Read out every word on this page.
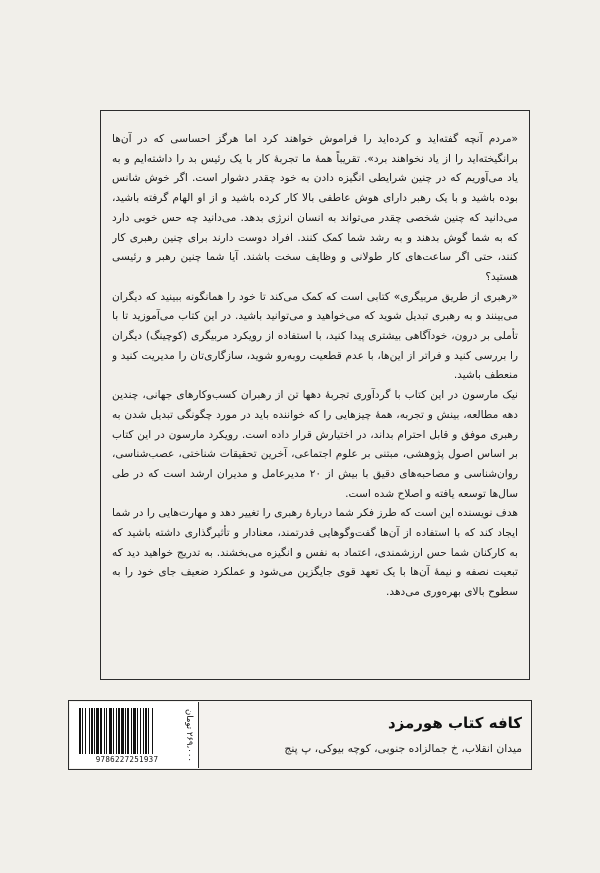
«مردم آنچه گفته‌اید و کرده‌اید را فراموش خواهند کرد اما هرگز احساسی که در آن‌ها برانگیخته‌اید را از یاد نخواهند برد». تقریباً همهٔ ما تجربهٔ کار با یک رئیس بد را داشته‌ایم و به یاد می‌آوریم که در چنین شرایطی انگیزه دادن به خود چقدر دشوار است. اگر خوش شانس بوده باشید و با یک رهبر دارای هوش عاطفی بالا کار کرده باشید و از او الهام گرفته باشید، می‌دانید که چنین شخصی چقدر می‌تواند به انسان انرژی بدهد. می‌دانید چه حس خوبی دارد که به شما گوش بدهند و به رشد شما کمک کنند. افراد دوست دارند برای چنین رهبری کار کنند، حتی اگر ساعت‌های کار طولانی و وظایف سخت باشند. آیا شما چنین رهبر و رئیسی هستید؟

«رهبری از طریق مربیگری» کتابی است که کمک می‌کند تا خود را همانگونه ببینید که دیگران می‌بینند و به رهبری تبدیل شوید که می‌خواهید و می‌توانید باشید. در این کتاب می‌آموزید تا با تأملی بر درون، خودآگاهی بیشتری پیدا کنید، با استفاده از رویکرد مربیگری (کوچینگ) دیگران را بررسی کنید و فراتر از این‌ها، با عدم قطعیت روبه‌رو شوید، سازگاری‌تان را مدیریت کنید و منعطف باشید.

نیک مارسون در این کتاب با گردآوری تجربهٔ دهها تن از رهبران کسب‌وکارهای جهانی، چندین دهه مطالعه، بینش و تجربه، همهٔ چیزهایی را که خواننده باید در مورد چگونگی تبدیل شدن به رهبری موفق و قابل احترام بداند، در اختیارش قرار داده است. رویکرد مارسون در این کتاب بر اساس اصول پژوهشی، مبتنی بر علوم اجتماعی، آخرین تحقیقات شناختی، عصب‌شناسی، روان‌شناسی و مصاحبه‌های دقیق با بیش از ۲۰ مدیرعامل و مدیران ارشد است که در طی سال‌ها توسعه یافته و اصلاح شده است.

هدف نویسنده این است که طرز فکر شما دربارهٔ رهبری را تغییر دهد و مهارت‌هایی را در شما ایجاد کند که با استفاده از آن‌ها گفت‌وگوهایی قدرتمند، معنادار و تأثیرگذاری داشته باشید که به کارکنان شما حس ارزشمندی، اعتماد به نفس و انگیزه می‌بخشند. به تدریج خواهید دید که تبعیت نصفه و نیمهٔ آن‌ها با یک تعهد قوی جایگزین می‌شود و عملکرد ضعیف جای خود را به سطوح بالای بهره‌وری می‌دهد.

9786227251937
۲۶۹،۰۰۰ تومان
کافه کتاب هورمزد
میدان انقلاب، خ جمالزاده جنوبی، کوچه بیوکی، پ پنج
